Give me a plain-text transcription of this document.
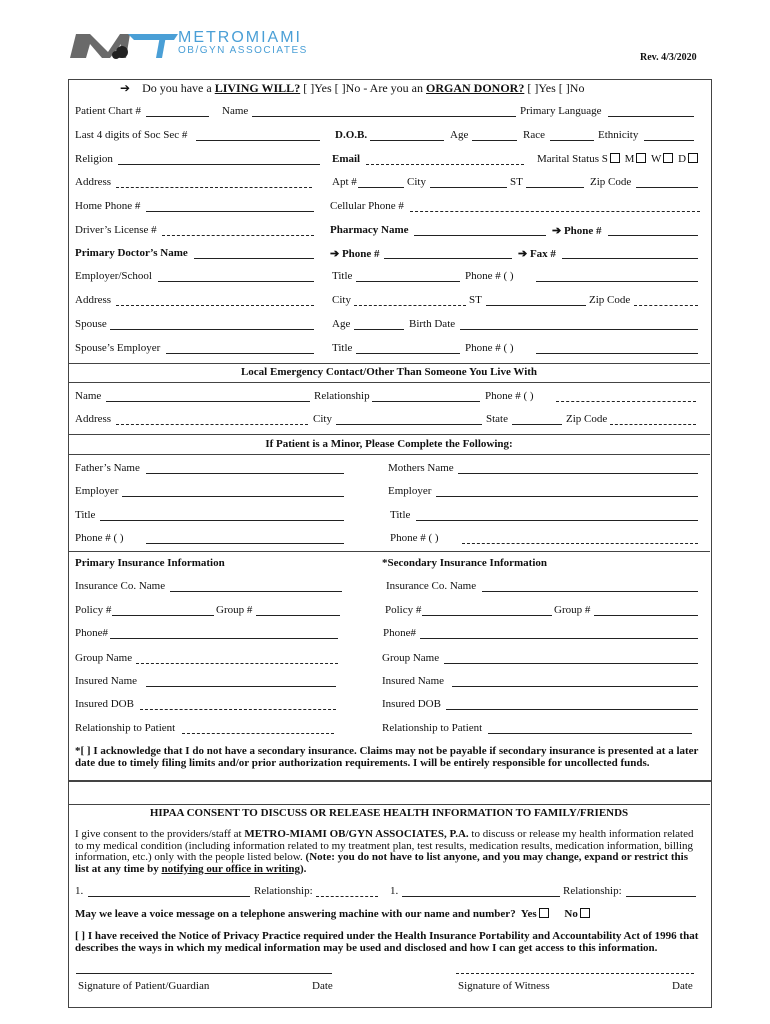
METROMIAMI
OB/GYN ASSOCIATES
Rev. 4/3/2020
➔ Do you have a LIVING WILL? [ ]Yes [ ]No - Are you an ORGAN DONOR? [ ]Yes [ ]No
Patient Chart #	Name	Primary Language
Last 4 digits of Soc Sec #	D.O.B.	Age	Race	Ethnicity
Religion	Email	Marital Status S M W D
Address	Apt #	City	ST	Zip Code
Home Phone #	Cellular Phone #
Driver’s License #	Pharmacy Name	➔ Phone #
Primary Doctor’s Name	➔ Phone #	➔ Fax #
Employer/School	Title	Phone # ( )
Address	City	ST	Zip Code
Spouse	Age	Birth Date
Spouse’s Employer	Title	Phone # ( )
Local Emergency Contact/Other Than Someone You Live With
Name	Relationship	Phone # ( )
Address	City	State	Zip Code
If Patient is a Minor, Please Complete the Following:
Father’s Name	Mothers Name
Employer	Employer
Title	Title
Phone # ( )	Phone # ( )
Primary Insurance Information	*Secondary Insurance Information
Insurance Co. Name	Insurance Co. Name
Policy #	Group #	Policy #	Group #
Phone#	Phone#
Group Name	Group Name
Insured Name	Insured Name
Insured DOB	Insured DOB
Relationship to Patient	Relationship to Patient
*[ ] I acknowledge that I do not have a secondary insurance. Claims may not be payable if secondary insurance is presented at a later date due to timely filing limits and/or prior authorization requirements. I will be entirely responsible for uncollected funds.
HIPAA CONSENT TO DISCUSS OR RELEASE HEALTH INFORMATION TO FAMILY/FRIENDS
I give consent to the providers/staff at METRO-MIAMI OB/GYN ASSOCIATES, P.A. to discuss or release my health information related to my medical condition (including information related to my treatment plan, test results, medication results, medication information, billing information, etc.) only with the people listed below. (Note: you do not have to list anyone, and you may change, expand or restrict this list at any time by notifying our office in writing).
1.	Relationship:	1.	Relationship:
May we leave a voice message on a telephone answering machine with our name and number? Yes	No
[ ] I have received the Notice of Privacy Practice required under the Health Insurance Portability and Accountability Act of 1996 that describes the ways in which my medical information may be used and disclosed and how I can get access to this information.
Signature of Patient/Guardian	Date	Signature of Witness	Date
